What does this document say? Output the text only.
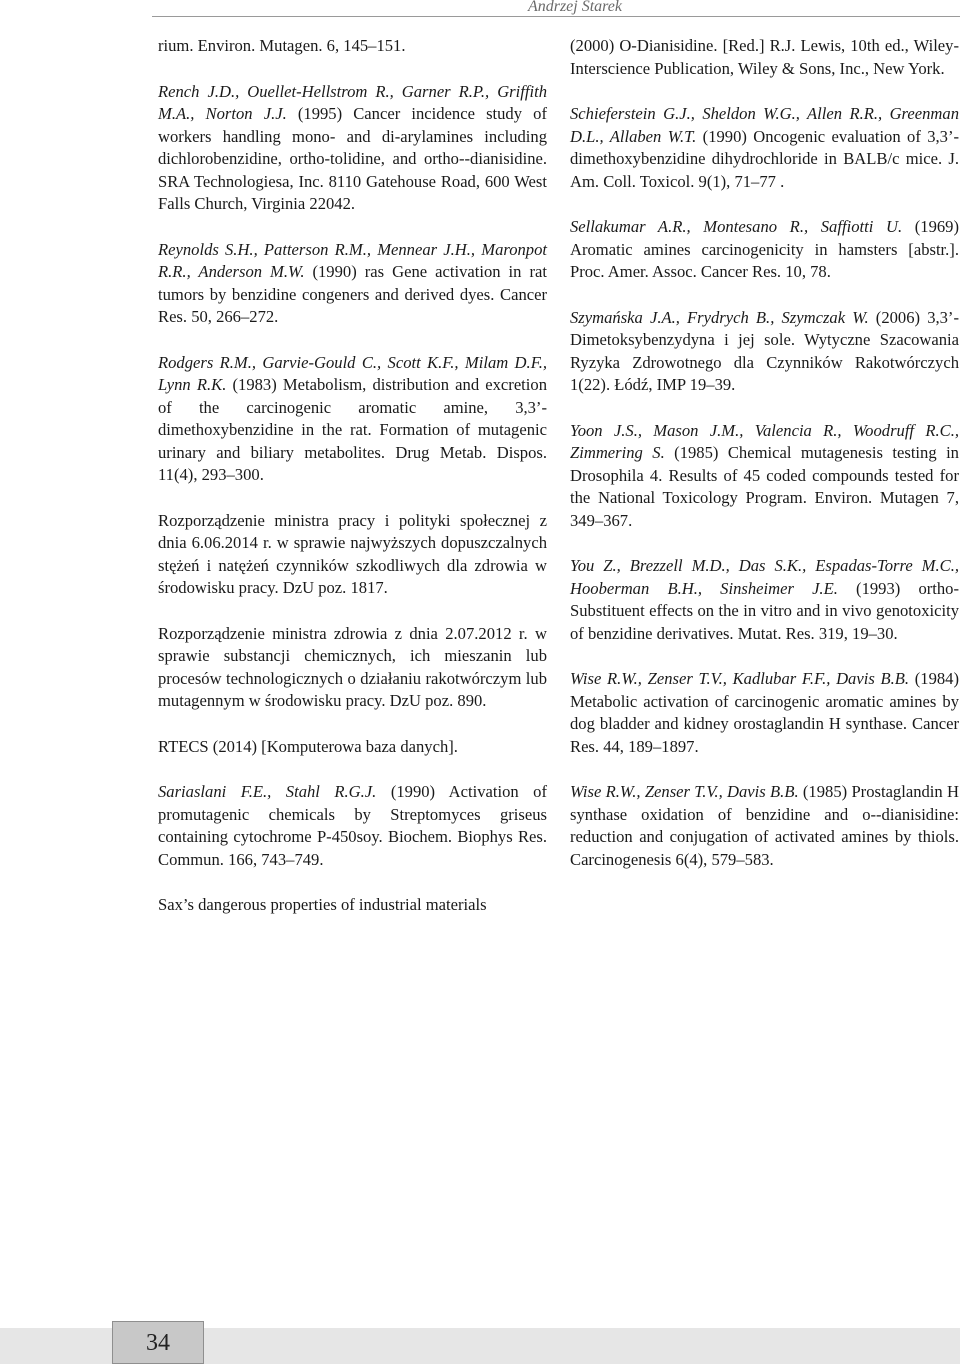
Andrzej Starek

rium. Environ. Mutagen. 6, 145–151.

Rench J.D., Ouellet-Hellstrom R., Garner R.P., Griffith M.A., Norton J.J. (1995) Cancer incidence study of workers handling mono- and di-arylamines including dichlorobenzidine, ortho-tolidine, and ortho--dianisidine. SRA Technologiesa, Inc. 8110 Gatehouse Road, 600 West Falls Church, Virginia 22042.

Reynolds S.H., Patterson R.M., Mennear J.H., Maronpot R.R., Anderson M.W. (1990) ras Gene activation in rat tumors by benzidine congeners and derived dyes. Cancer Res. 50, 266–272.

Rodgers R.M., Garvie-Gould C., Scott K.F., Milam D.F., Lynn R.K. (1983) Metabolism, distribution and excretion of the carcinogenic aromatic amine, 3,3’-dimethoxybenzidine in the rat. Formation of mutagenic urinary and biliary metabolites. Drug Metab. Dispos. 11(4), 293–300.

Rozporządzenie ministra pracy i polityki społecznej z dnia 6.06.2014 r. w sprawie najwyższych dopuszczalnych stężeń i natężeń czynników szkodliwych dla zdrowia w środowisku pracy. DzU poz. 1817.

Rozporządzenie ministra zdrowia z dnia 2.07.2012 r. w sprawie substancji chemicznych, ich mieszanin lub procesów technologicznych o działaniu rakotwórczym lub mutagennym w środowisku pracy. DzU poz. 890.

RTECS (2014) [Komputerowa baza danych].

Sariaslani F.E., Stahl R.G.J. (1990) Activation of promutagenic chemicals by Streptomyces griseus containing cytochrome P-450soy. Biochem. Biophys Res. Commun. 166, 743–749.

Sax’s dangerous properties of industrial materials

(2000) O-Dianisidine. [Red.] R.J. Lewis, 10th ed., Wiley-Interscience Publication, Wiley & Sons, Inc., New York.

Schieferstein G.J., Sheldon W.G., Allen R.R., Greenman D.L., Allaben W.T. (1990) Oncogenic evaluation of 3,3’-dimethoxybenzidine dihydrochloride in BALB/c mice. J. Am. Coll. Toxicol. 9(1), 71–77 .

Sellakumar A.R., Montesano R., Saffiotti U. (1969) Aromatic amines carcinogenicity in hamsters [abstr.]. Proc. Amer. Assoc. Cancer Res. 10, 78.

Szymańska J.A., Frydrych B., Szymczak W. (2006) 3,3’-Dimetoksybenzydyna i jej sole. Wytyczne Szacowania Ryzyka Zdrowotnego dla Czynników Rakotwórczych 1(22). Łódź, IMP 19–39.

Yoon J.S., Mason J.M., Valencia R., Woodruff R.C., Zimmering S. (1985) Chemical mutagenesis testing in Drosophila 4. Results of 45 coded compounds tested for the National Toxicology Program. Environ. Mutagen 7, 349–367.

You Z., Brezzell M.D., Das S.K., Espadas-Torre M.C., Hooberman B.H., Sinsheimer J.E. (1993) ortho-Substituent effects on the in vitro and in vivo genotoxicity of benzidine derivatives. Mutat. Res. 319, 19–30.

Wise R.W., Zenser T.V., Kadlubar F.F., Davis B.B. (1984) Metabolic activation of carcinogenic aromatic amines by dog bladder and kidney orostaglandin H synthase. Cancer Res. 44, 189–1897.

Wise R.W., Zenser T.V., Davis B.B. (1985) Prostaglandin H synthase oxidation of benzidine and o--dianisidine: reduction and conjugation of activated amines by thiols. Carcinogenesis 6(4), 579–583.

34
